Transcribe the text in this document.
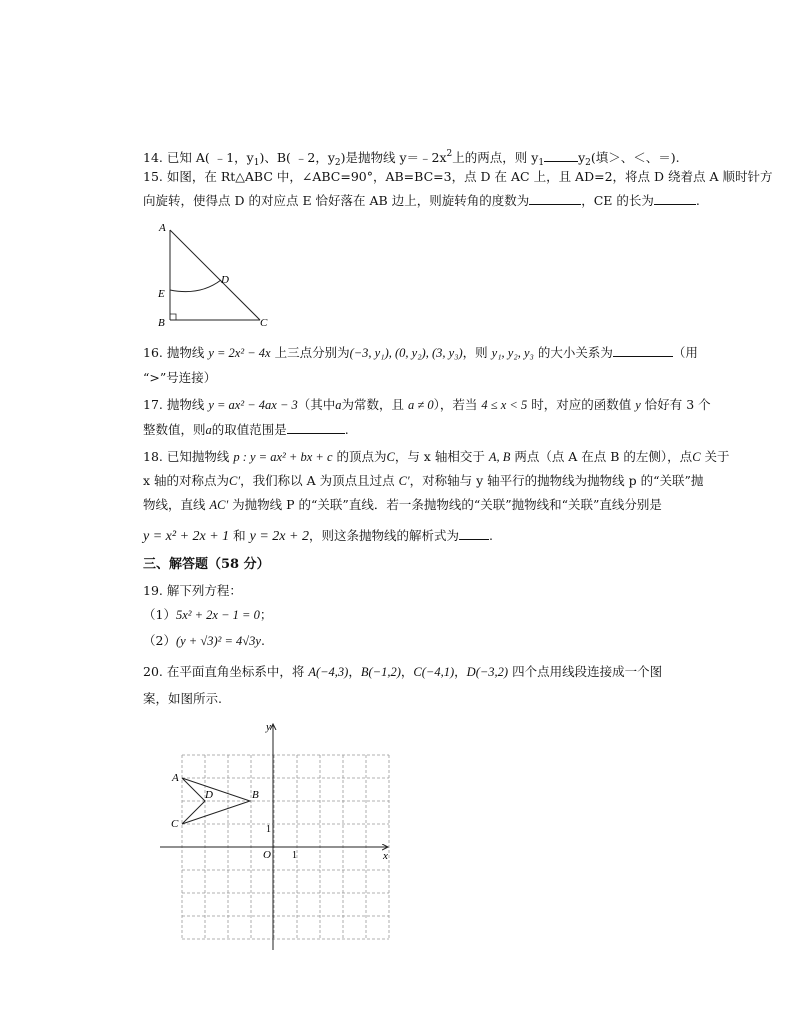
14. 已知 A( ﹣1，$y_1$)、B( ﹣2，$y_2$)是抛物线 $y=﹣2x^2$上的两点，则 $y_1$	$y_2$(填＞、＜、＝).
15. 如图，在 Rt△ABC 中，∠ABC=90°，AB=BC=3，点 D 在 AC 上，且 AD=2，将点 D 绕着点 A 顺时针方
向旋转，使得点 D 的对应点 E 恰好落在 AB 边上，则旋转角的度数为	，CE 的长为	.
A
B	C
D
E
16. 抛物线 y = 2x² − 4x 上三点分别为(−3, y₁), (0, y₂), (3, y₃)，则 y₁, y₂, y₃ 的大小关系为	（用
“>”号连接）
17. 抛物线 y = ax² − 4ax − 3（其中a为常数，且 a ≠ 0），若当 4 ≤ x < 5 时，对应的函数值 y 恰好有 3 个
整数值，则a的取值范围是	.
18. 已知抛物线 p : y = ax² + bx + c 的顶点为C，与 x 轴相交于 A, B 两点（点 A 在点 B 的左侧），点C 关于
x 轴的对称点为C′，我们称以 A 为顶点且过点 C′，对称轴与 y 轴平行的抛物线为抛物线 p 的“关联”抛
物线，直线 AC′ 为抛物线 P 的“关联”直线．若一条抛物线的“关联”抛物线和“关联”直线分别是
y = x² + 2x + 1 和 y = 2x + 2，则这条抛物线的解析式为 .
三、解答题（58 分）
19. 解下列方程：
（1）5x² + 2x − 1 = 0；
（2）(y + √3)² = 4√3y.
20. 在平面直角坐标系中，将 A(−4,3)，B(−1,2)，C(−4,1)，D(−3,2) 四个点用线段连接成一个图
案，如图所示.
y
x
O 1
1
A
B
C
D
